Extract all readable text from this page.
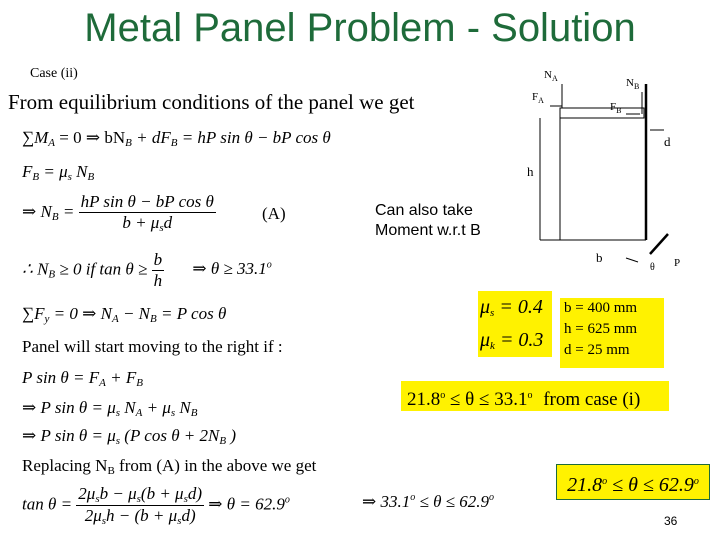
Metal Panel Problem - Solution
Case (ii)
From equilibrium conditions of the panel we get
$\sum M_A = 0$ ⇒ $bN_B + dF_B$ = hP sin θ − bP cos θ
$F_B = \mu_s$ $N_B$
⇒ $N_B = \frac{\text{hP sin θ − bP cos θ}}{b + \mu_sd}$	(A)
∴ $N_B \ge 0$ if $\tan \theta \ge \frac{b}{h}$ ⇒ $\theta \ge 33.1^o$
$\sum F_y = 0$ ⇒ $N_A - N_B = P$ cos θ
Panel will start moving to the right if :
P $\sin \theta = F_A + F_B$
⇒ P $\sin \theta = \mu_s$ $N_A + \mu_s$ $N_B$
⇒ P $\sin \theta = \mu_s$ (P $\cos \theta + 2N_B$ )
Replacing $N_B$ from (A) in the above we get
$\tan \theta = \frac{2\mu_sb - \mu_s(b + \mu_sd)}{2\mu_sh - (b + \mu_sd)}$ ⇒ $\theta = 62.9^o$	⇒ $33.1^o \le \theta \le 62.9^o$
Can also take
Moment w.r.t B
$\mu_s = 0.4$
$\mu_k = 0.3$
b = 400 mm
h = 625 mm
d = 25 mm
$21.8^o \le \theta \le 33.1^o$ from case (i)
$21.8^o \le \theta \le 62.9^o$
36
$N_A$	$N_B$
$F_A$
$F_B$
d
h
b
θ P
